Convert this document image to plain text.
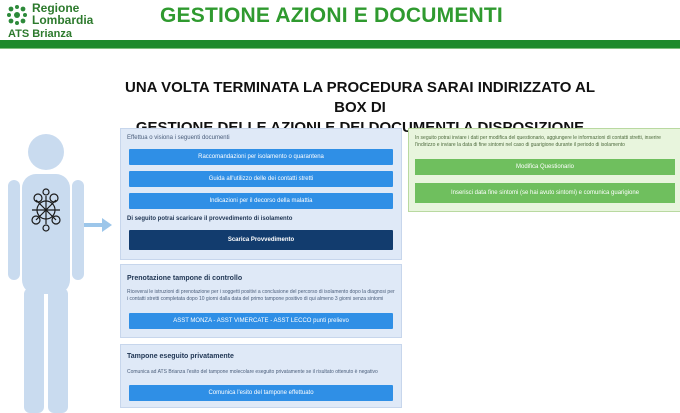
Regione
Lombardia
ATS Brianza
GESTIONE AZIONI E DOCUMENTI
UNA VOLTA TERMINATA LA PROCEDURA SARAI INDIRIZZATO AL BOX DI
Effettua o visiona i seguenti documenti
Raccomandazioni per isolamento o quarantena
Guida all'utilizzo delle dei contatti stretti
Indicazioni per il decorso della malattia
Di seguito potrai scaricare il provvedimento di isolamento
Scarica Provvedimento
Prenotazione tampone di controllo
Riceverai le istruzioni di prenotazione per i soggetti positivi a conclusione del percorso di isolamento dopo la diagnosi per i contatti stretti completata dopo 10 giorni dalla data del primo tampone positivo di qui almeno 3 giorni senza sintomi
ASST MONZA - ASST VIMERCATE - ASST LECCO punti prelievo
Tampone eseguito privatamente
Comunica ad ATS Brianza l'esito del tampone molecolare eseguito privatamente se il risultato ottenuto è negativo
Comunica l'esito del tampone effettuato
In seguito potrai inviare i dati per modifica del questionario, aggiungere le informazioni di contatti stretti, inserire l'indirizzo e inviare la data di fine sintomi nel caso di guarigione durante il periodo di isolamento
Modifica Questionario
Inserisci data fine sintomi (se hai avuto sintomi) e comunica guarigione
